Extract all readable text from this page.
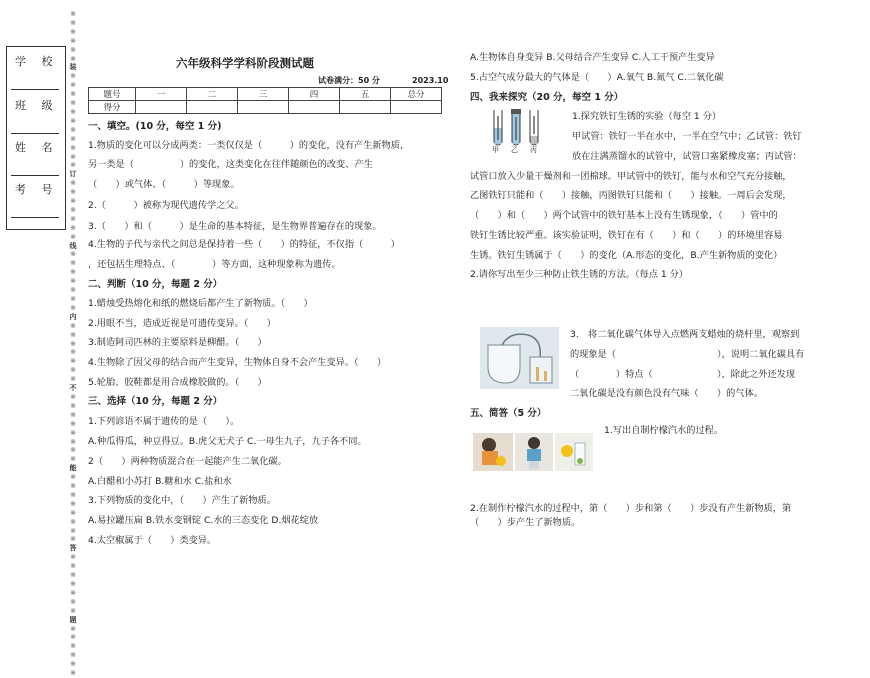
学 校
班 级
姓 名
考 号
※
※
※
※
※
※
装
※
※
※
※
※
※
※
※
※
※
※
订
※
※
※
※
※
※
※
线
※
※
※
※
※
※
※
内
※
※
※
※
※
※
※
不
※
※
※
※
※
※
※
※
能
※
※
※
※
※
※
※
※
答
※
※
※
※
※
※
※
题
※
※
※
※
※
※
六年级科学学科阶段测试题
试卷满分：50 分	2023.10
题号	一	二	三	四	五	总分
得分						
一、填空。(10 分，每空 1 分)
1.物质的变化可以分成两类：一类仅仅是（　　　）的变化，没有产生新物质，
另一类是（　　　　　）的变化，这类变化在往伴随颜色的改变、产生
（　　）或气体、（　　　）等现象。
2.（　　　）被称为现代遗传学之父。
3.（　　）和（　　　）是生命的基本特征，是生物界普遍存在的现象。
4.生物的子代与亲代之间总是保持着一些（　　）的特征，不仅指（　　　）
，还包括生理特点、（　　　　）等方面，这种现象称为遗传。
二、判断（10 分，每题 2 分）
1.蜡烛受热熔化和纸的燃烧后都产生了新物质。（　　）
2.用眼不当，造成近视是可遗传变异。（　　）
3.制造阿司匹林的主要原料是柳醋。（　　）
4.生物除了因父母的结合而产生变异，生物体自身不会产生变异。（　　）
5.轮胎、胶鞋都是用合成橡胶做的。（　　）
三、选择（10 分，每题 2 分）
1.下列谚语不属于遗传的是（　　）。
A.种瓜得瓜，种豆得豆。B.虎父无犬子 C.一母生九子，九子各不同。
2（　　）两种物质混合在一起能产生二氧化碳。
A.白醋和小苏打 B.糖和水 C.盐和水
3.下列物质的变化中，（　　）产生了新物质。
A.易拉罐压扁 B.铁水变钢锭 C.水的三态变化 D.烟花绽放
4.太空椒属于（　　）类变异。
A.生物体自身变异 B.父母结合产生变异 C.人工干预产生变异
5.占空气成分最大的气体是（　　）A.氧气 B.氮气 C.二氧化碳
四、我来探究（20 分，每空 1 分）
甲 乙 丙
1.探究铁钉生锈的实验（每空 1 分）
甲试管：铁钉一半在水中，一半在空气中；乙试管：铁钉
放在注满蒸馏水的试管中，试管口塞紧橡皮塞；丙试管：
试管口放入少量干燥剂和一团棉球。甲试管中的铁钉，能与水和空气充分接触，
乙图铁钉只能和（　　）接触，丙图铁钉只能和（　　）接触。一周后会发现，
（　　）和（　　）两个试管中的铁钉基本上没有生锈现象，（　　）管中的
铁钉生锈比较严重。该实验证明，铁钉在有（　　）和（　　）的环境里容易
生锈。铁钉生锈属于（　　）的变化（A.形态的变化，B.产生新物质的变化）
2.请你写出至少三种防止铁生锈的方法。（每点 1 分）
3.　将二氧化碳气体导入点燃两支蜡烛的烧杆里，观察到
的现象是（　　　　　　　　　　　），说明二氧化碳具有
（　　　　）特点（　　　　　　　），除此之外还发现
二氧化碳是没有颜色没有气味（　　）的气体。
五、简答（5 分）
1.写出自制柠檬汽水的过程。
2.在制作柠檬汽水的过程中，第（　　）步和第（　　）步没有产生新物质，第
（　　）步产生了新物质。
